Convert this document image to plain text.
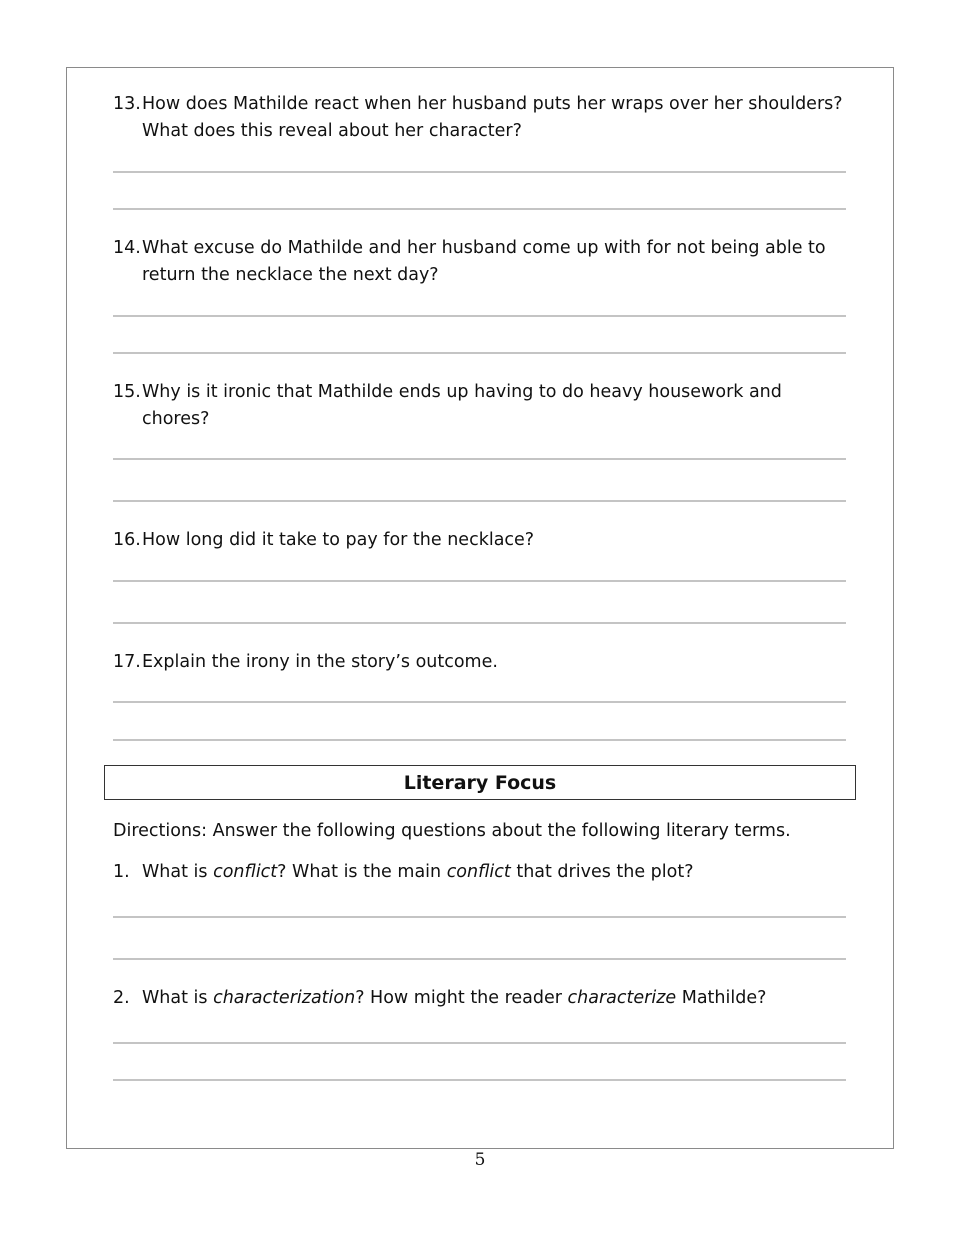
13. How does Mathilde react when her husband puts her wraps over her shoulders? What does this reveal about her character?
14. What excuse do Mathilde and her husband come up with for not being able to return the necklace the next day?
15. Why is it ironic that Mathilde ends up having to do heavy housework and chores?
16. How long did it take to pay for the necklace?
17. Explain the irony in the story’s outcome.
Literary Focus
Directions: Answer the following questions about the following literary terms.
1. What is conflict? What is the main conflict that drives the plot?
2. What is characterization? How might the reader characterize Mathilde?
5
